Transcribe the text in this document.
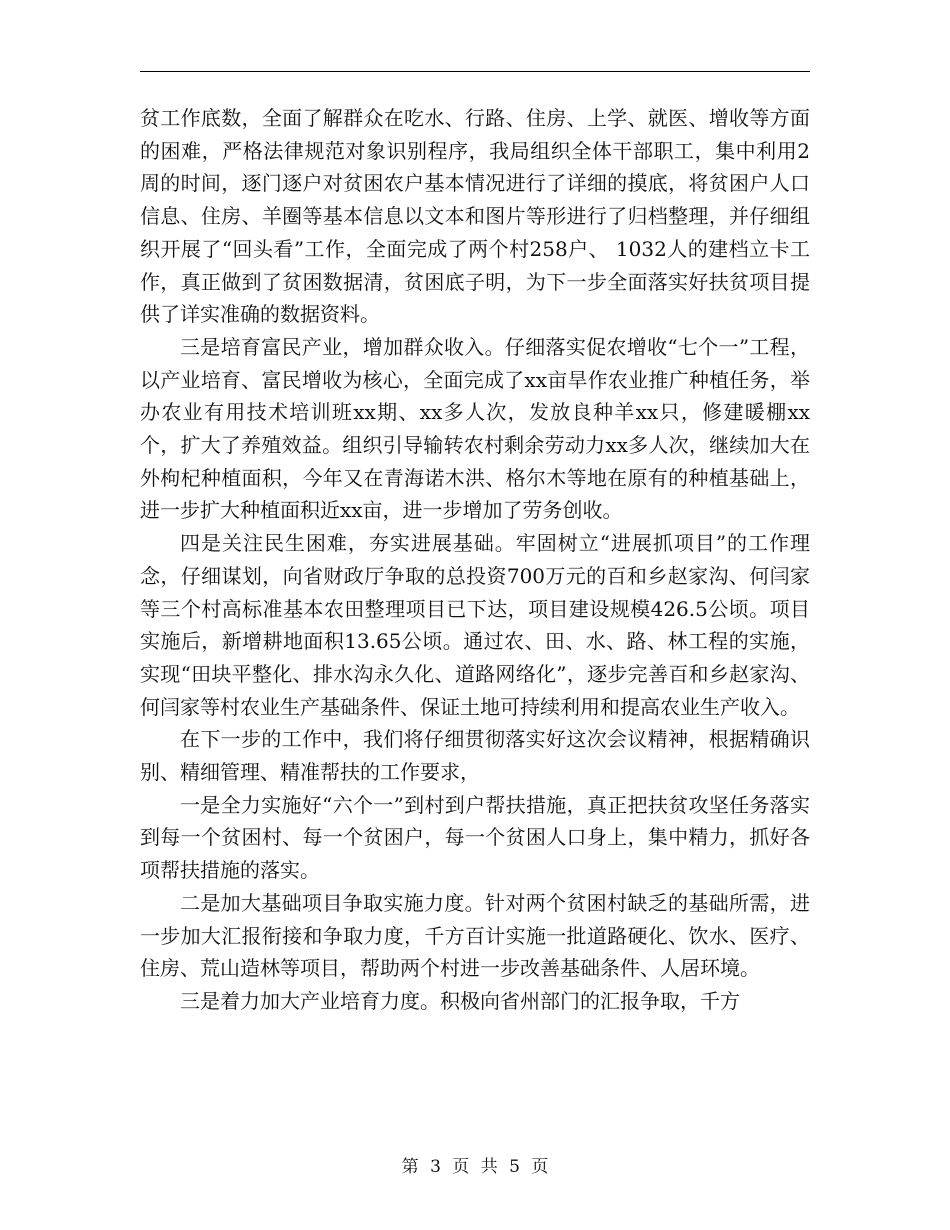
贫工作底数，全面了解群众在吃水、行路、住房、上学、就医、增收等方面的困难，严格法律规范对象识别程序，我局组织全体干部职工，集中利用2周的时间，逐门逐户对贫困农户基本情况进行了详细的摸底，将贫困户人口信息、住房、羊圈等基本信息以文本和图片等形进行了归档整理，并仔细组织开展了“回头看”工作，全面完成了两个村258户、 1032人的建档立卡工作，真正做到了贫困数据清，贫困底子明，为下一步全面落实好扶贫项目提供了详实准确的数据资料。

三是培育富民产业，增加群众收入。仔细落实促农增收“七个一”工程，以产业培育、富民增收为核心，全面完成了xx亩旱作农业推广种植任务，举办农业有用技术培训班xx期、xx多人次，发放良种羊xx只，修建暖棚xx个，扩大了养殖效益。组织引导输转农村剩余劳动力xx多人次，继续加大在外枸杞种植面积，今年又在青海诺木洪、格尔木等地在原有的种植基础上，进一步扩大种植面积近xx亩，进一步增加了劳务创收。

四是关注民生困难，夯实进展基础。牢固树立“进展抓项目”的工作理念，仔细谋划，向省财政厅争取的总投资700万元的百和乡赵家沟、何闫家等三个村高标准基本农田整理项目已下达，项目建设规模426.5公顷。项目实施后，新增耕地面积13.65公顷。通过农、田、水、路、林工程的实施，实现“田块平整化、排水沟永久化、道路网络化”，逐步完善百和乡赵家沟、何闫家等村农业生产基础条件、保证土地可持续利用和提高农业生产收入。

在下一步的工作中，我们将仔细贯彻落实好这次会议精神，根据精确识别、精细管理、精准帮扶的工作要求，

一是全力实施好“六个一”到村到户帮扶措施，真正把扶贫攻坚任务落实到每一个贫困村、每一个贫困户，每一个贫困人口身上，集中精力，抓好各项帮扶措施的落实。

二是加大基础项目争取实施力度。针对两个贫困村缺乏的基础所需，进一步加大汇报衔接和争取力度，千方百计实施一批道路硬化、饮水、医疗、住房、荒山造林等项目，帮助两个村进一步改善基础条件、人居环境。

三是着力加大产业培育力度。积极向省州部门的汇报争取，千方

第 3 页 共 5 页
